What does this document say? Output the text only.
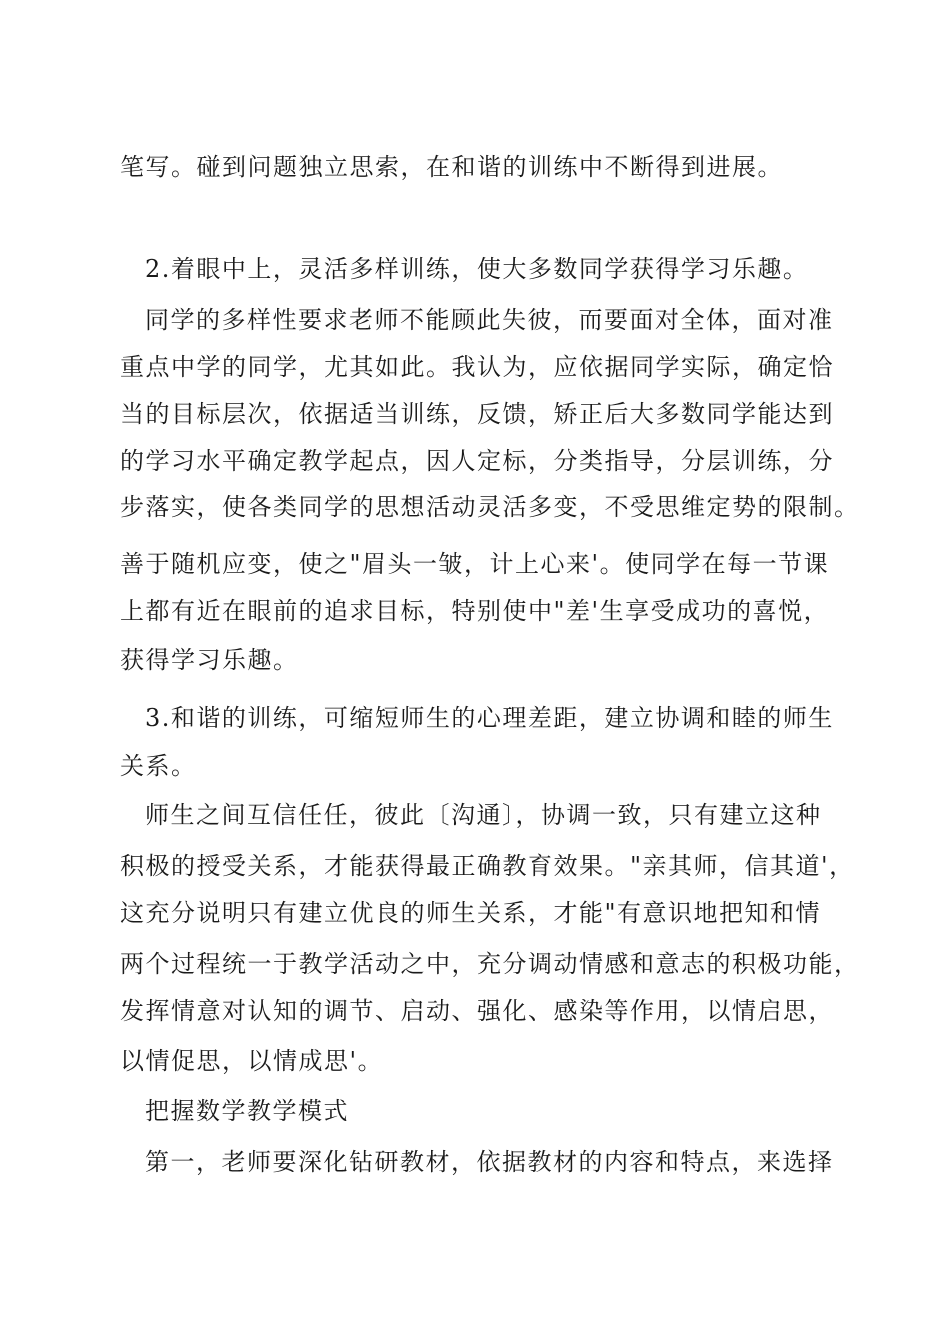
笔写。碰到问题独立思索，在和谐的训练中不断得到进展。

2.着眼中上，灵活多样训练，使大多数同学获得学习乐趣。

同学的多样性要求老师不能顾此失彼，而要面对全体，面对准

重点中学的同学，尤其如此。我认为，应依据同学实际，确定恰

当的目标层次，依据适当训练，反馈，矫正后大多数同学能达到

的学习水平确定教学起点，因人定标，分类指导，分层训练，分

步落实，使各类同学的思想活动灵活多变，不受思维定势的限制。

善于随机应变，使之"眉头一皱，计上心来'。使同学在每一节课

上都有近在眼前的追求目标，特别使中"差'生享受成功的喜悦，

获得学习乐趣。

3.和谐的训练，可缩短师生的心理差距，建立协调和睦的师生

关系。

师生之间互信任任，彼此〔沟通〕，协调一致，只有建立这种

积极的授受关系，才能获得最正确教育效果。"亲其师，信其道'，

这充分说明只有建立优良的师生关系，才能"有意识地把知和情

两个过程统一于教学活动之中，充分调动情感和意志的积极功能，

发挥情意对认知的调节、启动、强化、感染等作用，以情启思，

以情促思，以情成思'。

把握数学教学模式

第一，老师要深化钻研教材，依据教材的内容和特点，来选择
